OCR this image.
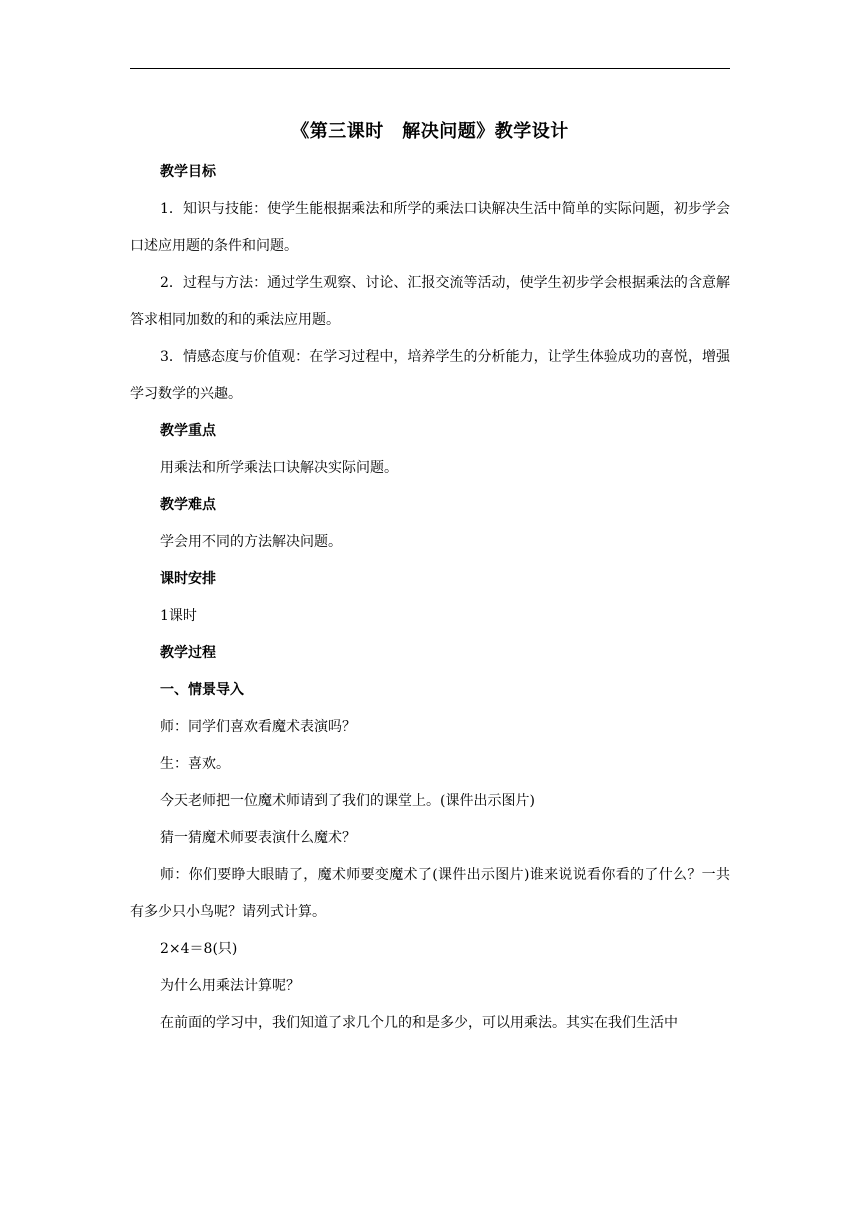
《第三课时　解决问题》教学设计
教学目标
1．知识与技能：使学生能根据乘法和所学的乘法口诀解决生活中简单的实际问题，初步学会口述应用题的条件和问题。
2．过程与方法：通过学生观察、讨论、汇报交流等活动，使学生初步学会根据乘法的含意解答求相同加数的和的乘法应用题。
3．情感态度与价值观：在学习过程中，培养学生的分析能力，让学生体验成功的喜悦，增强学习数学的兴趣。
教学重点
用乘法和所学乘法口诀解决实际问题。
教学难点
学会用不同的方法解决问题。
课时安排
1课时
教学过程
一、情景导入
师：同学们喜欢看魔术表演吗？
生：喜欢。
今天老师把一位魔术师请到了我们的课堂上。(课件出示图片)
猜一猜魔术师要表演什么魔术？
师：你们要睁大眼睛了，魔术师要变魔术了(课件出示图片)谁来说说看你看的了什么？一共有多少只小鸟呢？请列式计算。
2×4＝8(只)
为什么用乘法计算呢？
在前面的学习中，我们知道了求几个几的和是多少，可以用乘法。其实在我们生活中
